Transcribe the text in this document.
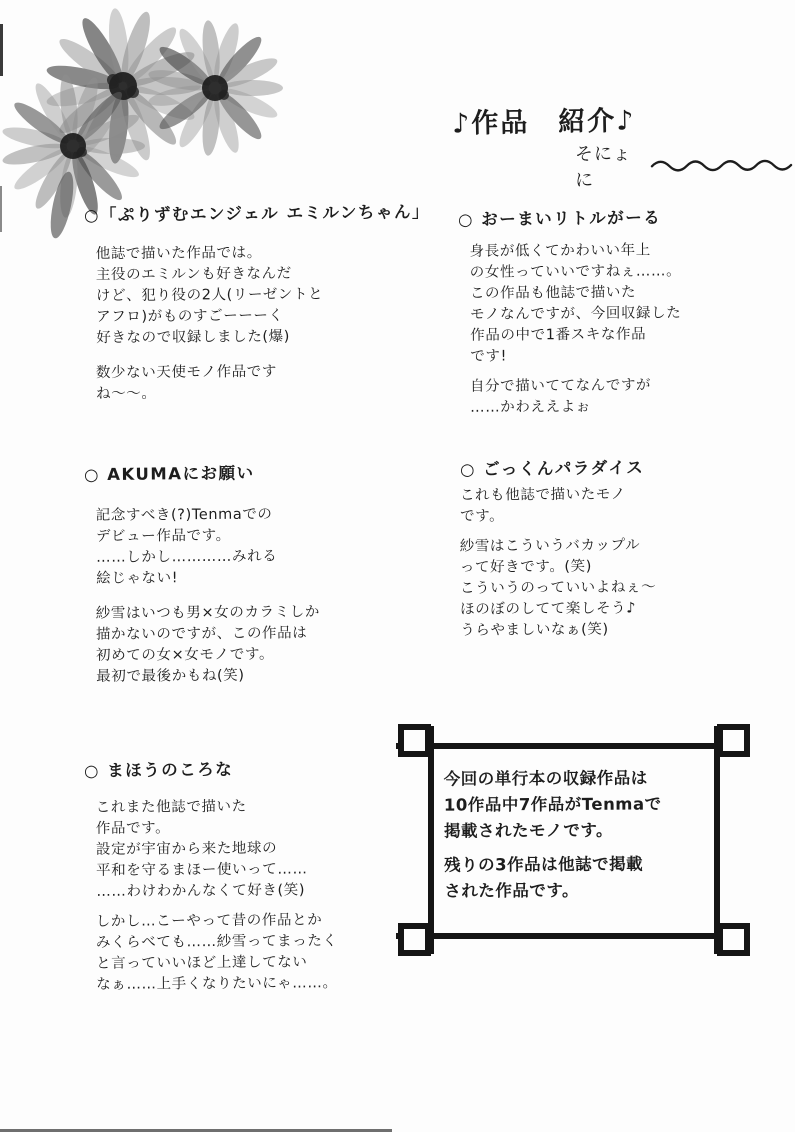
♪作品　紹介♪
そにょに
○「ぷりずむエンジェル エミルンちゃん」
他誌で描いた作品では。
主役のエミルンも好きなんだ
けど、犯り役の2人(リーゼントと
アフロ)がものすごーーーく
好きなので収録しました(爆)
数少ない天使モノ作品です
ね〜〜。
○ AKUMAにお願い
記念すべき(?)Tenmaでの
デビュー作品です。
……しかし…………みれる
絵じゃない!
紗雪はいつも男×女のカラミしか
描かないのですが、この作品は
初めての女×女モノです。
最初で最後かもね(笑)
○ まほうのころな
これまた他誌で描いた
作品です。
設定が宇宙から来た地球の
平和を守るまほー使いって……
……わけわかんなくて好き(笑)
しかし…こーやって昔の作品とか
みくらべても……紗雪ってまったく
と言っていいほど上達してない
なぁ……上手くなりたいにゃ……。
○ おーまいリトルがーる
身長が低くてかわいい年上
の女性っていいですねぇ……。
この作品も他誌で描いた
モノなんですが、今回収録した
作品の中で1番スキな作品
です!
自分で描いててなんですが
……かわええよぉ
○ ごっくんパラダイス
これも他誌で描いたモノ
です。
紗雪はこういうバカップル
って好きです。(笑)
こういうのっていいよねぇ〜
ほのぼのしてて楽しそう♪
うらやましいなぁ(笑)
今回の単行本の収録作品は
10作品中7作品がTenmaで
掲載されたモノです。
残りの3作品は他誌で掲載
された作品です。
